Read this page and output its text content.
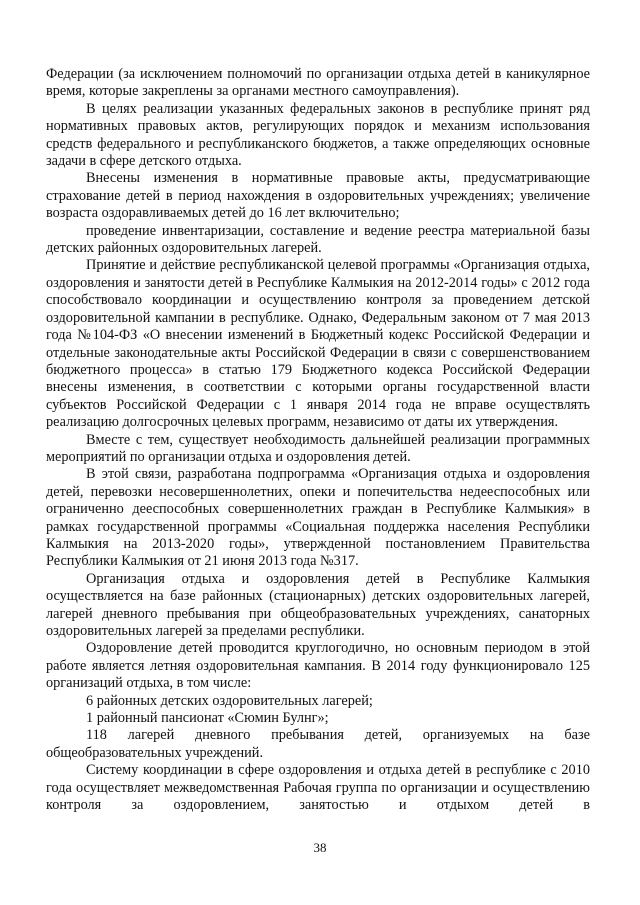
Федерации (за исключением полномочий по организации отдыха детей в каникулярное время, которые закреплены за органами местного самоуправления).

В целях реализации указанных федеральных законов в республике принят ряд нормативных правовых актов, регулирующих порядок и механизм использования средств федерального и республиканского бюджетов, а также определяющих основные задачи в сфере детского отдыха.

Внесены изменения в нормативные правовые акты, предусматривающие страхование детей в период нахождения в оздоровительных учреждениях; увеличение возраста оздоравливаемых детей до 16 лет включительно;

проведение инвентаризации, составление и ведение реестра материальной базы детских районных оздоровительных лагерей.

Принятие и действие республиканской целевой программы «Организация отдыха, оздоровления и занятости детей в Республике Калмыкия на 2012-2014 годы» с 2012 года способствовало координации и осуществлению контроля за проведением детской оздоровительной кампании в республике. Однако, Федеральным законом от 7 мая 2013 года №104-ФЗ «О внесении изменений в Бюджетный кодекс Российской Федерации и отдельные законодательные акты Российской Федерации в связи с совершенствованием бюджетного процесса» в статью 179 Бюджетного кодекса Российской Федерации внесены изменения, в соответствии с которыми органы государственной власти субъектов Российской Федерации с 1 января 2014 года не вправе осуществлять реализацию долгосрочных целевых программ, независимо от даты их утверждения.

Вместе с тем, существует необходимость дальнейшей реализации программных мероприятий по организации отдыха и оздоровления детей.

В этой связи, разработана подпрограмма «Организация отдыха и оздоровления детей, перевозки несовершеннолетних, опеки и попечительства недееспособных или ограниченно дееспособных совершеннолетних граждан в Республике Калмыкия» в рамках государственной программы «Социальная поддержка населения Республики Калмыкия на 2013-2020 годы», утвержденной постановлением Правительства Республики Калмыкия от 21 июня 2013 года №317.

Организация отдыха и оздоровления детей в Республике Калмыкия осуществляется на базе районных (стационарных) детских оздоровительных лагерей, лагерей дневного пребывания при общеобразовательных учреждениях, санаторных оздоровительных лагерей за пределами республики.

Оздоровление детей проводится круглогодично, но основным периодом в этой работе является летняя оздоровительная кампания. В 2014 году функционировало 125 организаций отдыха, в том числе:

6 районных детских оздоровительных лагерей;

1 районный пансионат «Сюмин Булнг»;

118 лагерей дневного пребывания детей, организуемых на базе общеобразовательных учреждений.

Систему координации в сфере оздоровления и отдыха детей в республике с 2010 года осуществляет межведомственная Рабочая группа по организации и осуществлению контроля за оздоровлением, занятостью и отдыхом детей в

38
